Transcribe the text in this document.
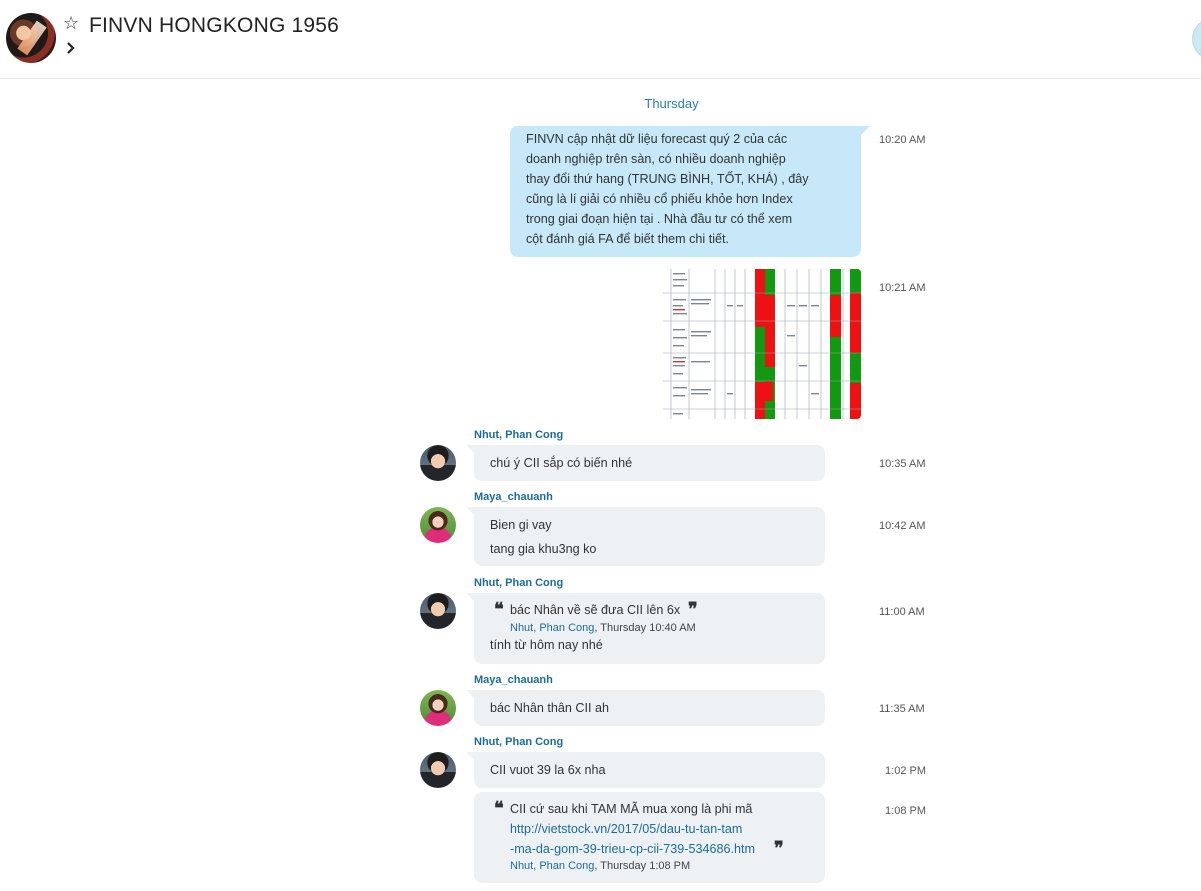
☆ FINVN HONGKONG 1956
Thursday
FINVN cập nhật dữ liệu forecast quý 2 của các
doanh nghiệp trên sàn, có nhiều doanh nghiệp
thay đổi thứ hang (TRUNG BÌNH, TỐT, KHÁ) , đây
cũng là lí giải có nhiều cổ phiếu khỏe hơn Index
trong giai đoạn hiện tại . Nhà đầu tư có thể xem
cột đánh giá FA để biết them chi tiết.
10:20 AM
10:21 AM
Nhut, Phan Cong
chú ý CII sắp có biến nhé	10:35 AM
Maya_chauanh
Bien gi vay
tang gia khu3ng ko
10:42 AM
Nhut, Phan Cong
❝ bác Nhân về sẽ đưa CII lên 6x ❞
Nhut, Phan Cong, Thursday 10:40 AM
tính từ hôm nay nhé
11:00 AM
Maya_chauanh
bác Nhân thân CII ah	11:35 AM
Nhut, Phan Cong
CII vuot 39 la 6x nha	1:02 PM
❝ CII cứ sau khi TAM MÃ mua xong là phi mã
http://vietstock.vn/2017/05/dau-tu-tan-tam
-ma-da-gom-39-trieu-cp-cii-739-534686.htm ❞
Nhut, Phan Cong, Thursday 1:08 PM
1:08 PM
